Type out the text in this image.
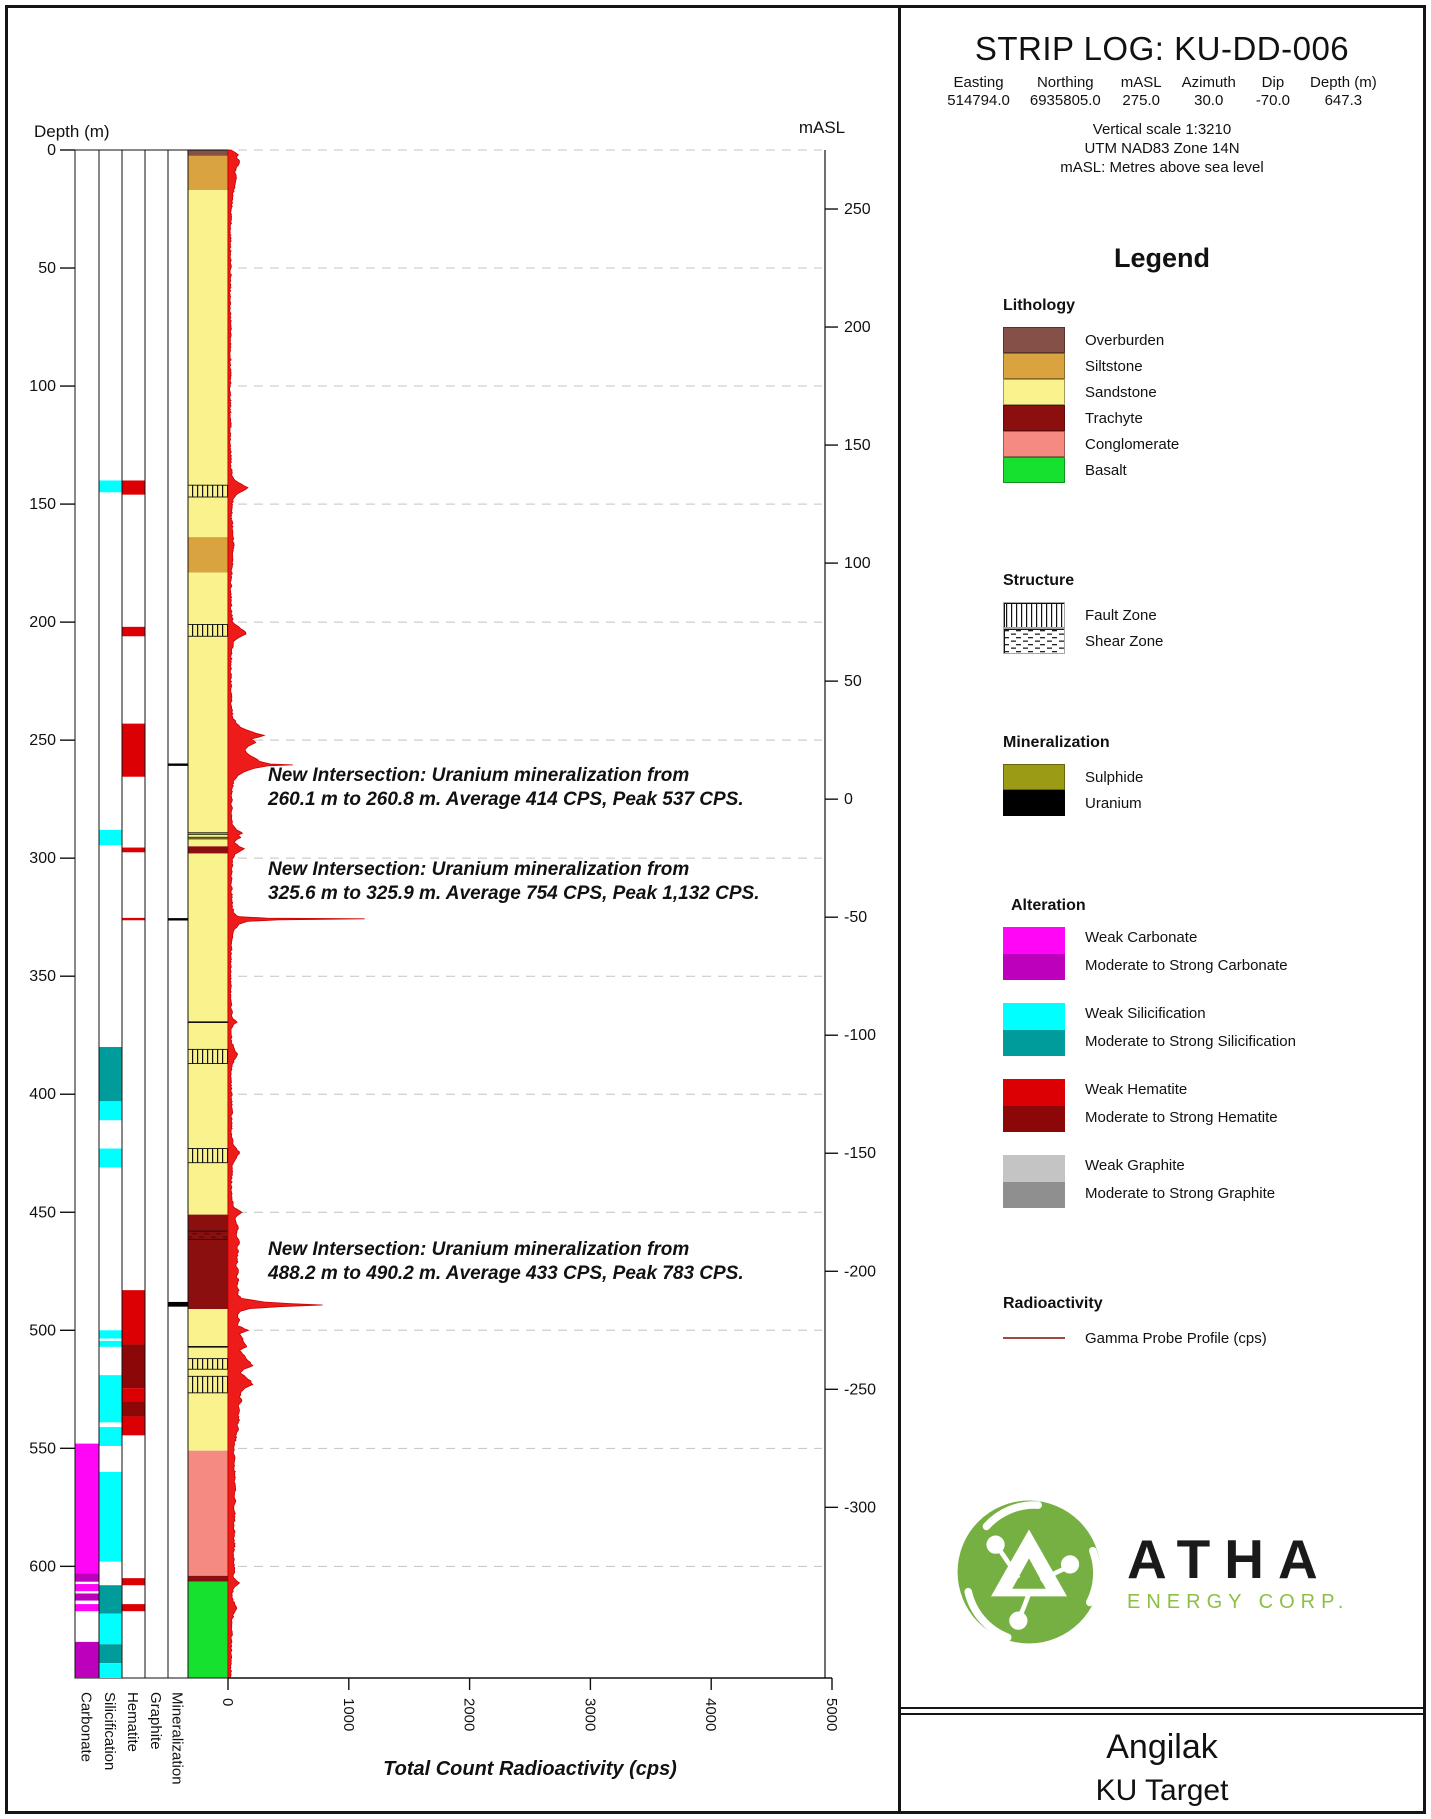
Depth (m)
0
50
100
150
200
250
300
350
400
450
500
550
600
mASL
250
200
150
100
50
0
-50
-100
-150
-200
-250
-300
0	1000	2000	3000	4000	5000
Total Count Radioactivity (cps)
Carbonate Silicification Hematite Graphite Mineralization
New Intersection: Uranium mineralization from
260.1 m to 260.8 m. Average 414 CPS, Peak 537 CPS.
New Intersection: Uranium mineralization from
325.6 m to 325.9 m. Average 754 CPS, Peak 1,132 CPS.
New Intersection: Uranium mineralization from
488.2 m to 490.2 m. Average 433 CPS, Peak 783 CPS.
STRIP LOG: KU-DD-006
Easting
514794.0
Northing
6935805.0
mASL
275.0
Azimuth
30.0
Dip
-70.0
Depth (m)
647.3
Vertical scale 1:3210
UTM NAD83 Zone 14N
mASL: Metres above sea level
Legend
Lithology
Overburden
Siltstone
Sandstone
Trachyte
Conglomerate
Basalt
Structure
Fault Zone
Shear Zone
Mineralization
Sulphide
Uranium
Alteration
Weak Carbonate
Moderate to Strong Carbonate
Weak Silicification
Moderate to Strong Silicification
Weak Hematite
Moderate to Strong Hematite
Weak Graphite
Moderate to Strong Graphite
Radioactivity
Gamma Probe Profile (cps)
ATHA
ENERGY CORP.
Angilak
KU Target
